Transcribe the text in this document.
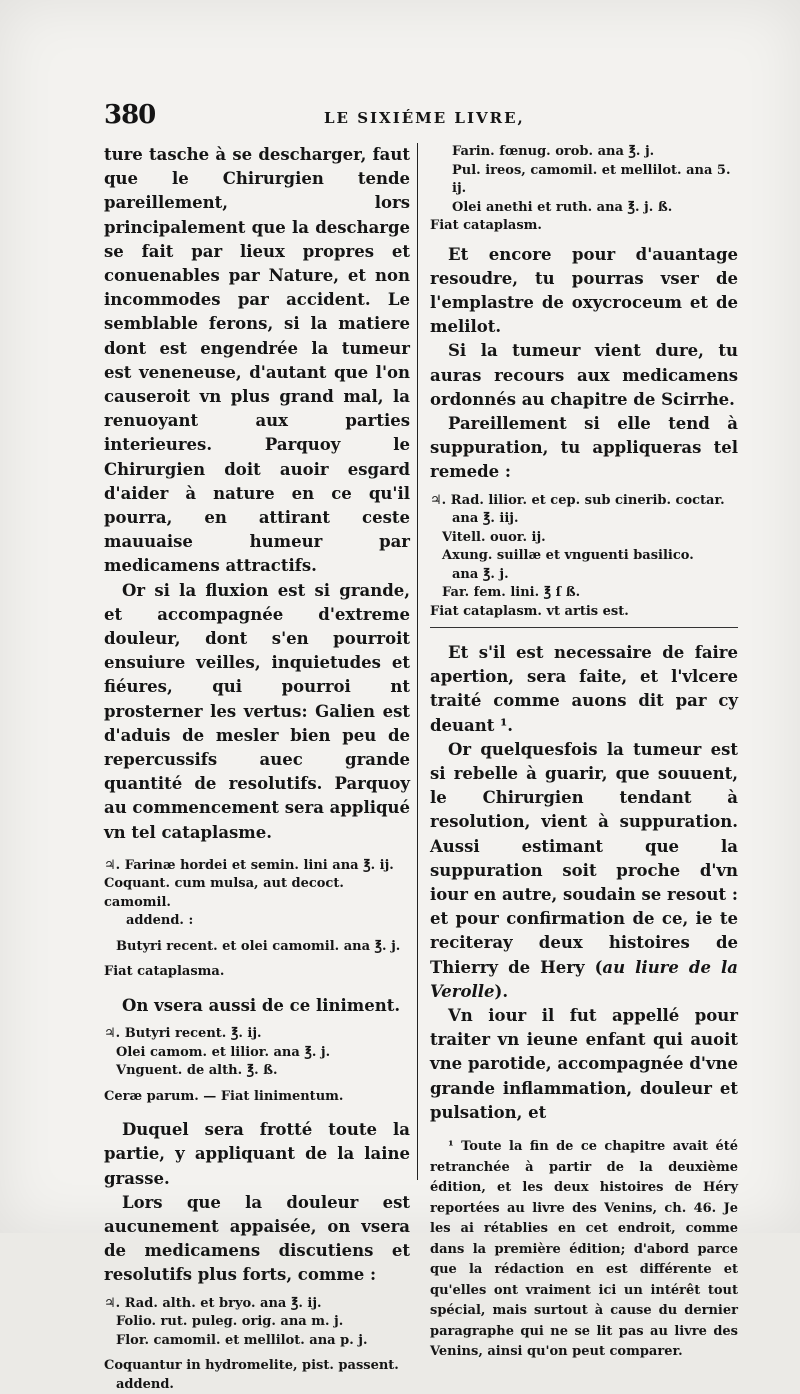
380	LE SIXIÉME LIVRE,

ture tasche à se descharger, faut que le Chirurgien tende pareillement, lors principalement que la descharge se fait par lieux propres et conuenables par Nature, et non incommodes par accident. Le semblable ferons, si la matiere dont est engendrée la tumeur est veneneuse, d'autant que l'on causeroit vn plus grand mal, la renuoyant aux parties interieures. Parquoy le Chirurgien doit auoir esgard d'aider à nature en ce qu'il pourra, en attirant ceste mauuaise humeur par medicamens attractifs.

Or si la fluxion est si grande, et accompagnée d'extreme douleur, dont s'en pourroit ensuiure veilles, inquietudes et fiéures, qui pourroi nt prosterner les vertus: Galien est d'aduis de mesler bien peu de repercussifs auec grande quantité de resolutifs. Parquoy au commencement sera appliqué vn tel cataplasme.

♃. Farinæ hordei et semin. lini ana ℥. ij.
Coquant. cum mulsa, aut decoct. camomil.
addend. :
Butyri recent. et olei camomil. ana ℥. j.
Fiat cataplasma.

On vsera aussi de ce liniment.

♃. Butyri recent. ℥. ij.
Olei camom. et lilior. ana ℥. j.
Vnguent. de alth. ℥. ß.
Ceræ parum. — Fiat linimentum.

Duquel sera frotté toute la partie, y appliquant de la laine grasse.

Lors que la douleur est aucunement appaisée, on vsera de medicamens discutiens et resolutifs plus forts, comme :

♃. Rad. alth. et bryo. ana ℥. ij.
Folio. rut. puleg. orig. ana m. j.
Flor. camomil. et mellilot. ana p. j.
Coquantur in hydromelite, pist. passent.
addend.
Farin. fœnug. orob. ana ℥. j.
Pul. ireos, camomil. et mellilot. ana 5. ij.
Olei anethi et ruth. ana ℥. j. ß.
Fiat cataplasm.

Et encore pour d'auantage resoudre, tu pourras vser de l'emplastre de oxycroceum et de melilot.

Si la tumeur vient dure, tu auras recours aux medicamens ordonnés au chapitre de Scirrhe.

Pareillement si elle tend à suppuration, tu appliqueras tel remede :

♃. Rad. lilior. et cep. sub cinerib. coctar.
ana ℥. iij.
Vitell. ouor. ij.
Axung. suillæ et vnguenti basilico.
ana ℥. j.
Far. fem. lini. ℥ ſ ß.
Fiat cataplasm. vt artis est.

Et s'il est necessaire de faire apertion, sera faite, et l'vlcere traité comme auons dit par cy deuant ¹.

Or quelquesfois la tumeur est si rebelle à guarir, que souuent, le Chirurgien tendant à resolution, vient à suppuration. Aussi estimant que la suppuration soit proche d'vn iour en autre, soudain se resout : et pour confirmation de ce, ie te reciteray deux histoires de Thierry de Hery (au liure de la Verolle).

Vn iour il fut appellé pour traiter vn ieune enfant qui auoit vne parotide, accompagnée d'vne grande inflammation, douleur et pulsation, et

¹ Toute la fin de ce chapitre avait été retranchée à partir de la deuxième édition, et les deux histoires de Héry reportées au livre des Venins, ch. 46. Je les ai rétablies en cet endroit, comme dans la première édition; d'abord parce que la rédaction en est différente et qu'elles ont vraiment ici un intérêt tout spécial, mais surtout à cause du dernier paragraphe qui ne se lit pas au livre des Venins, ainsi qu'on peut comparer.
